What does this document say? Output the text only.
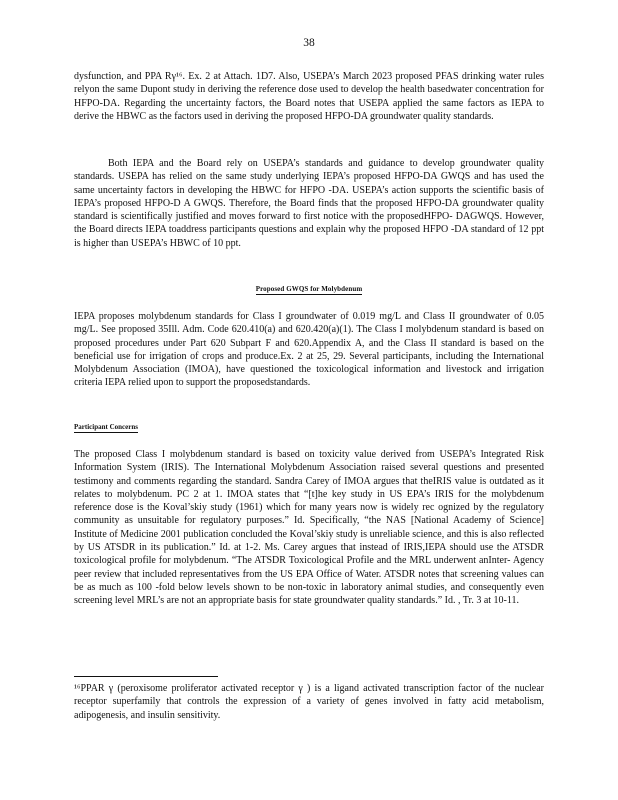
38

dysfunction, and PPA Rγ¹⁶. Ex. 2 at Attach. 1D7. Also, USEPA’s March 2023 proposed PFAS drinking water rules relyon the same Dupont study in deriving the reference dose used to develop the health basedwater concentration for HFPO-DA. Regarding the uncertainty factors, the Board notes that USEPA applied the same factors as IEPA to derive the HBWC as the factors used in deriving the proposed HFPO-DA groundwater quality standards.

Both IEPA and the Board rely on USEPA’s standards and guidance to develop groundwater quality standards. USEPA has relied on the same study underlying IEPA’s proposed HFPO-DA GWQS and has used the same uncertainty factors in developing the HBWC for HFPO -DA. USEPA’s action supports the scientific basis of IEPA’s proposed HFPO-D A GWQS. Therefore, the Board finds that the proposed HFPO-DA groundwater quality standard is scientifically justified and moves forward to first notice with the proposedHFPO- DAGWQS. However, the Board directs IEPA toaddress participants questions and explain why the proposed HFPO -DA standard of 12 ppt is higher than USEPA’s HBWC of 10 ppt.

Proposed GWQS for Molybdenum

IEPA proposes molybdenum standards for Class I groundwater of 0.019 mg/L and Class II groundwater of 0.05 mg/L. See proposed 35Ill. Adm. Code 620.410(a) and 620.420(a)(1). The Class I molybdenum standard is based on proposed procedures under Part 620 Subpart F and 620.Appendix A, and the Class II standard is based on the beneficial use for irrigation of crops and produce.Ex. 2 at 25, 29. Several participants, including the International Molybdenum Association (IMOA), have questioned the toxicological information and livestock and irrigation criteria IEPA relied upon to support the proposedstandards.

Participant Concerns

The proposed Class I molybdenum standard is based on toxicity value derived from USEPA’s Integrated Risk Information System (IRIS). The International Molybdenum Association raised several questions and presented testimony and comments regarding the standard. Sandra Carey of IMOA argues that theIRIS value is outdated as it relates to molybdenum. PC 2 at 1. IMOA states that “[t]he key study in US EPA’s IRIS for the molybdenum reference dose is the Koval’skiy study (1961) which for many years now is widely rec ognized by the regulatory community as unsuitable for regulatory purposes.” Id. Specifically, “the NAS [National Academy of Science] Institute of Medicine 2001 publication concluded the Koval’skiy study is unreliable science, and this is also reflected by US ATSDR in its publication.” Id. at 1-2. Ms. Carey argues that instead of IRIS,IEPA should use the ATSDR toxicological profile for molybdenum. “The ATSDR Toxicological Profile and the MRL underwent anInter- Agency peer review that included representatives from the US EPA Office of Water. ATSDR notes that screening values can be as much as 100 -fold below levels shown to be non-toxic in laboratory animal studies, and consequently even screening level MRL’s are not an appropriate basis for state groundwater quality standards.” Id. , Tr. 3 at 10-11.

¹⁶PPAR γ (peroxisome proliferator activated receptor γ ) is a ligand activated transcription factor of the nuclear receptor superfamily that controls the expression of a variety of genes involved in fatty acid metabolism, adipogenesis, and insulin sensitivity.
